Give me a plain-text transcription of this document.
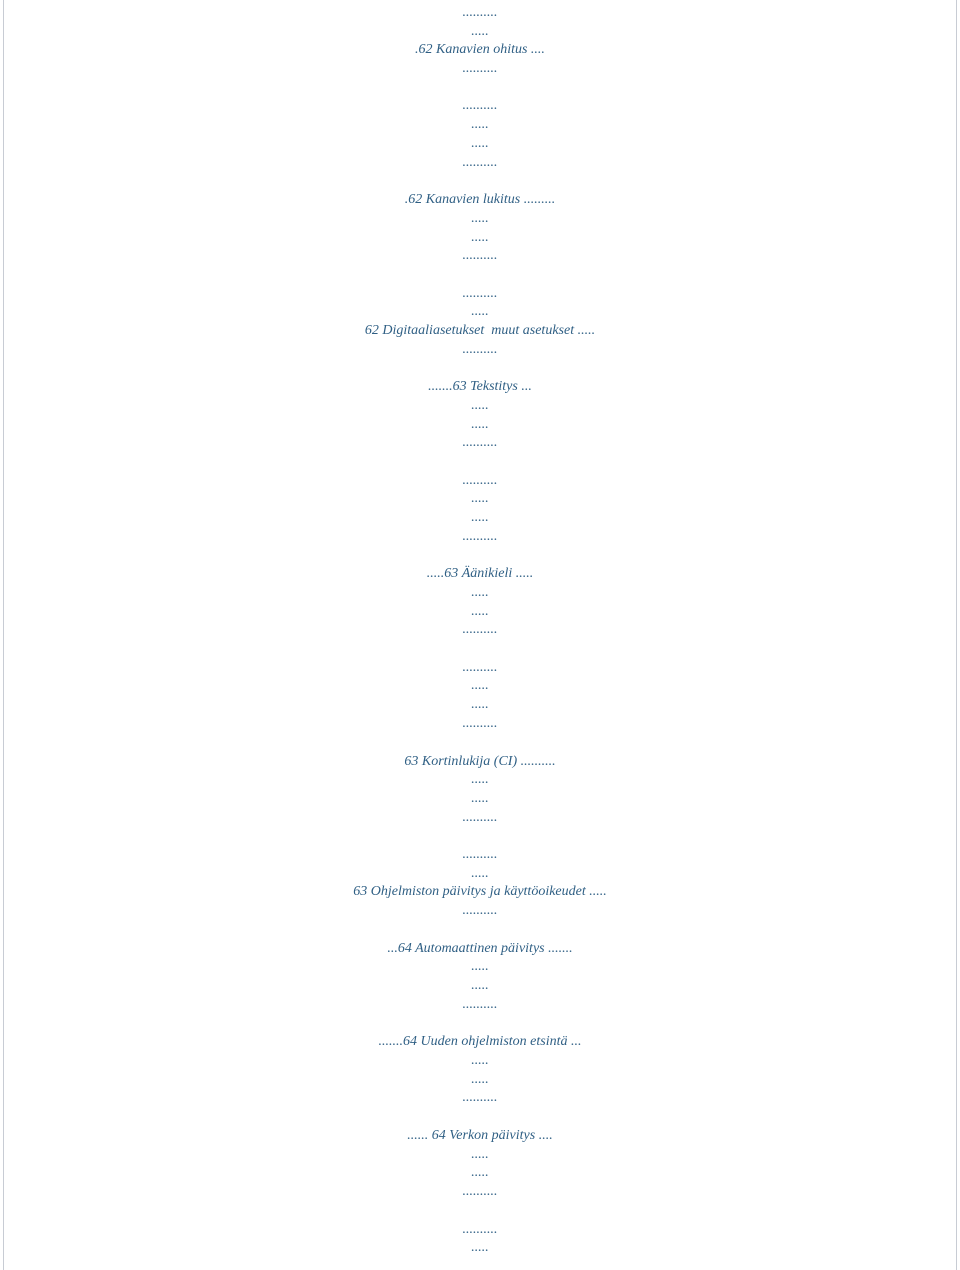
..........
.....
.62 Kanavien ohitus ....
..........
..........
.....
.....
..........
.62 Kanavien lukitus .........
.....
.....
..........
..........
.....
62 Digitaaliasetukset  muut asetukset .....
..........
.......63 Tekstitys ...
.....
.....
..........
..........
.....
.....
..........
.....63 Äänikieli .....
.....
.....
..........
..........
.....
.....
..........
63 Kortinlukija (CI) ..........
.....
.....
..........
..........
.....
63 Ohjelmiston päivitys ja käyttöoikeudet .....
..........
...64 Automaattinen päivitys .......
.....
.....
..........
.......64 Uuden ohjelmiston etsintä ...
.....
.....
..........
...... 64 Verkon päivitys ....
.....
.....
..........
..........
.....
